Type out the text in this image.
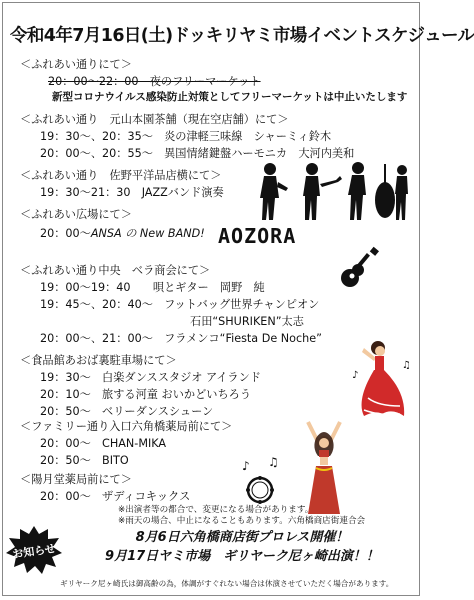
令和4年7月16日(土)ドッキリヤミ市場イベントスケジュール
＜ふれあい通りにて＞
20：00〜22：00　夜のフリーマーケット
新型コロナウイルス感染防止対策としてフリーマーケットは中止いたします
＜ふれあい通り　元山本園茶舗（現在空店舗）にて＞
19：30〜、20：35〜　炎の津軽三味線　シャーミィ鈴木
20：00〜、20：55〜　異国情緒鍵盤ハーモニカ　大河内美和
＜ふれあい通り　佐野平洋品店横にて＞
19：30〜21：30　JAZZバンド演奏
＜ふれあい広場にて＞
20：00〜ANSA の New BAND! AOZORA
＜ふれあい通り中央　ベラ商会にて＞
19：00〜19：40　　唄とギター　岡野　純
19：45〜、20：40〜　フットバッグ世界チャンピオン
石田“SHURIKEN”太志
20：00〜、21：00〜　フラメンコ“Fiesta De Noche”
＜食品館あおば裏駐車場にて＞
19：30〜　白楽ダンススタジオ アイランド
20：10〜　旅する河童 おいかどいちろう
20：50〜　ベリーダンスシューン
♪
♫
＜ファミリー通り入口六角橋薬局前にて＞
20：00〜　CHAN-MIKA
20：50〜　BITO	♪ ♫
＜陽月堂薬局前にて＞
20：00〜　ザディコキックス
※出演者等の都合で、変更になる場合があります。
※雨天の場合、中止になることもあります。六角橋商店街連合会
お知らせ
8月6日六角橋商店街プロレス開催！
9月17日ヤミ市場　ギリヤーク尼ヶ崎出演！！
ギリヤーク尼ヶ崎氏は御高齢の為，体調がすぐれない場合は休演させていただく場合があります。
